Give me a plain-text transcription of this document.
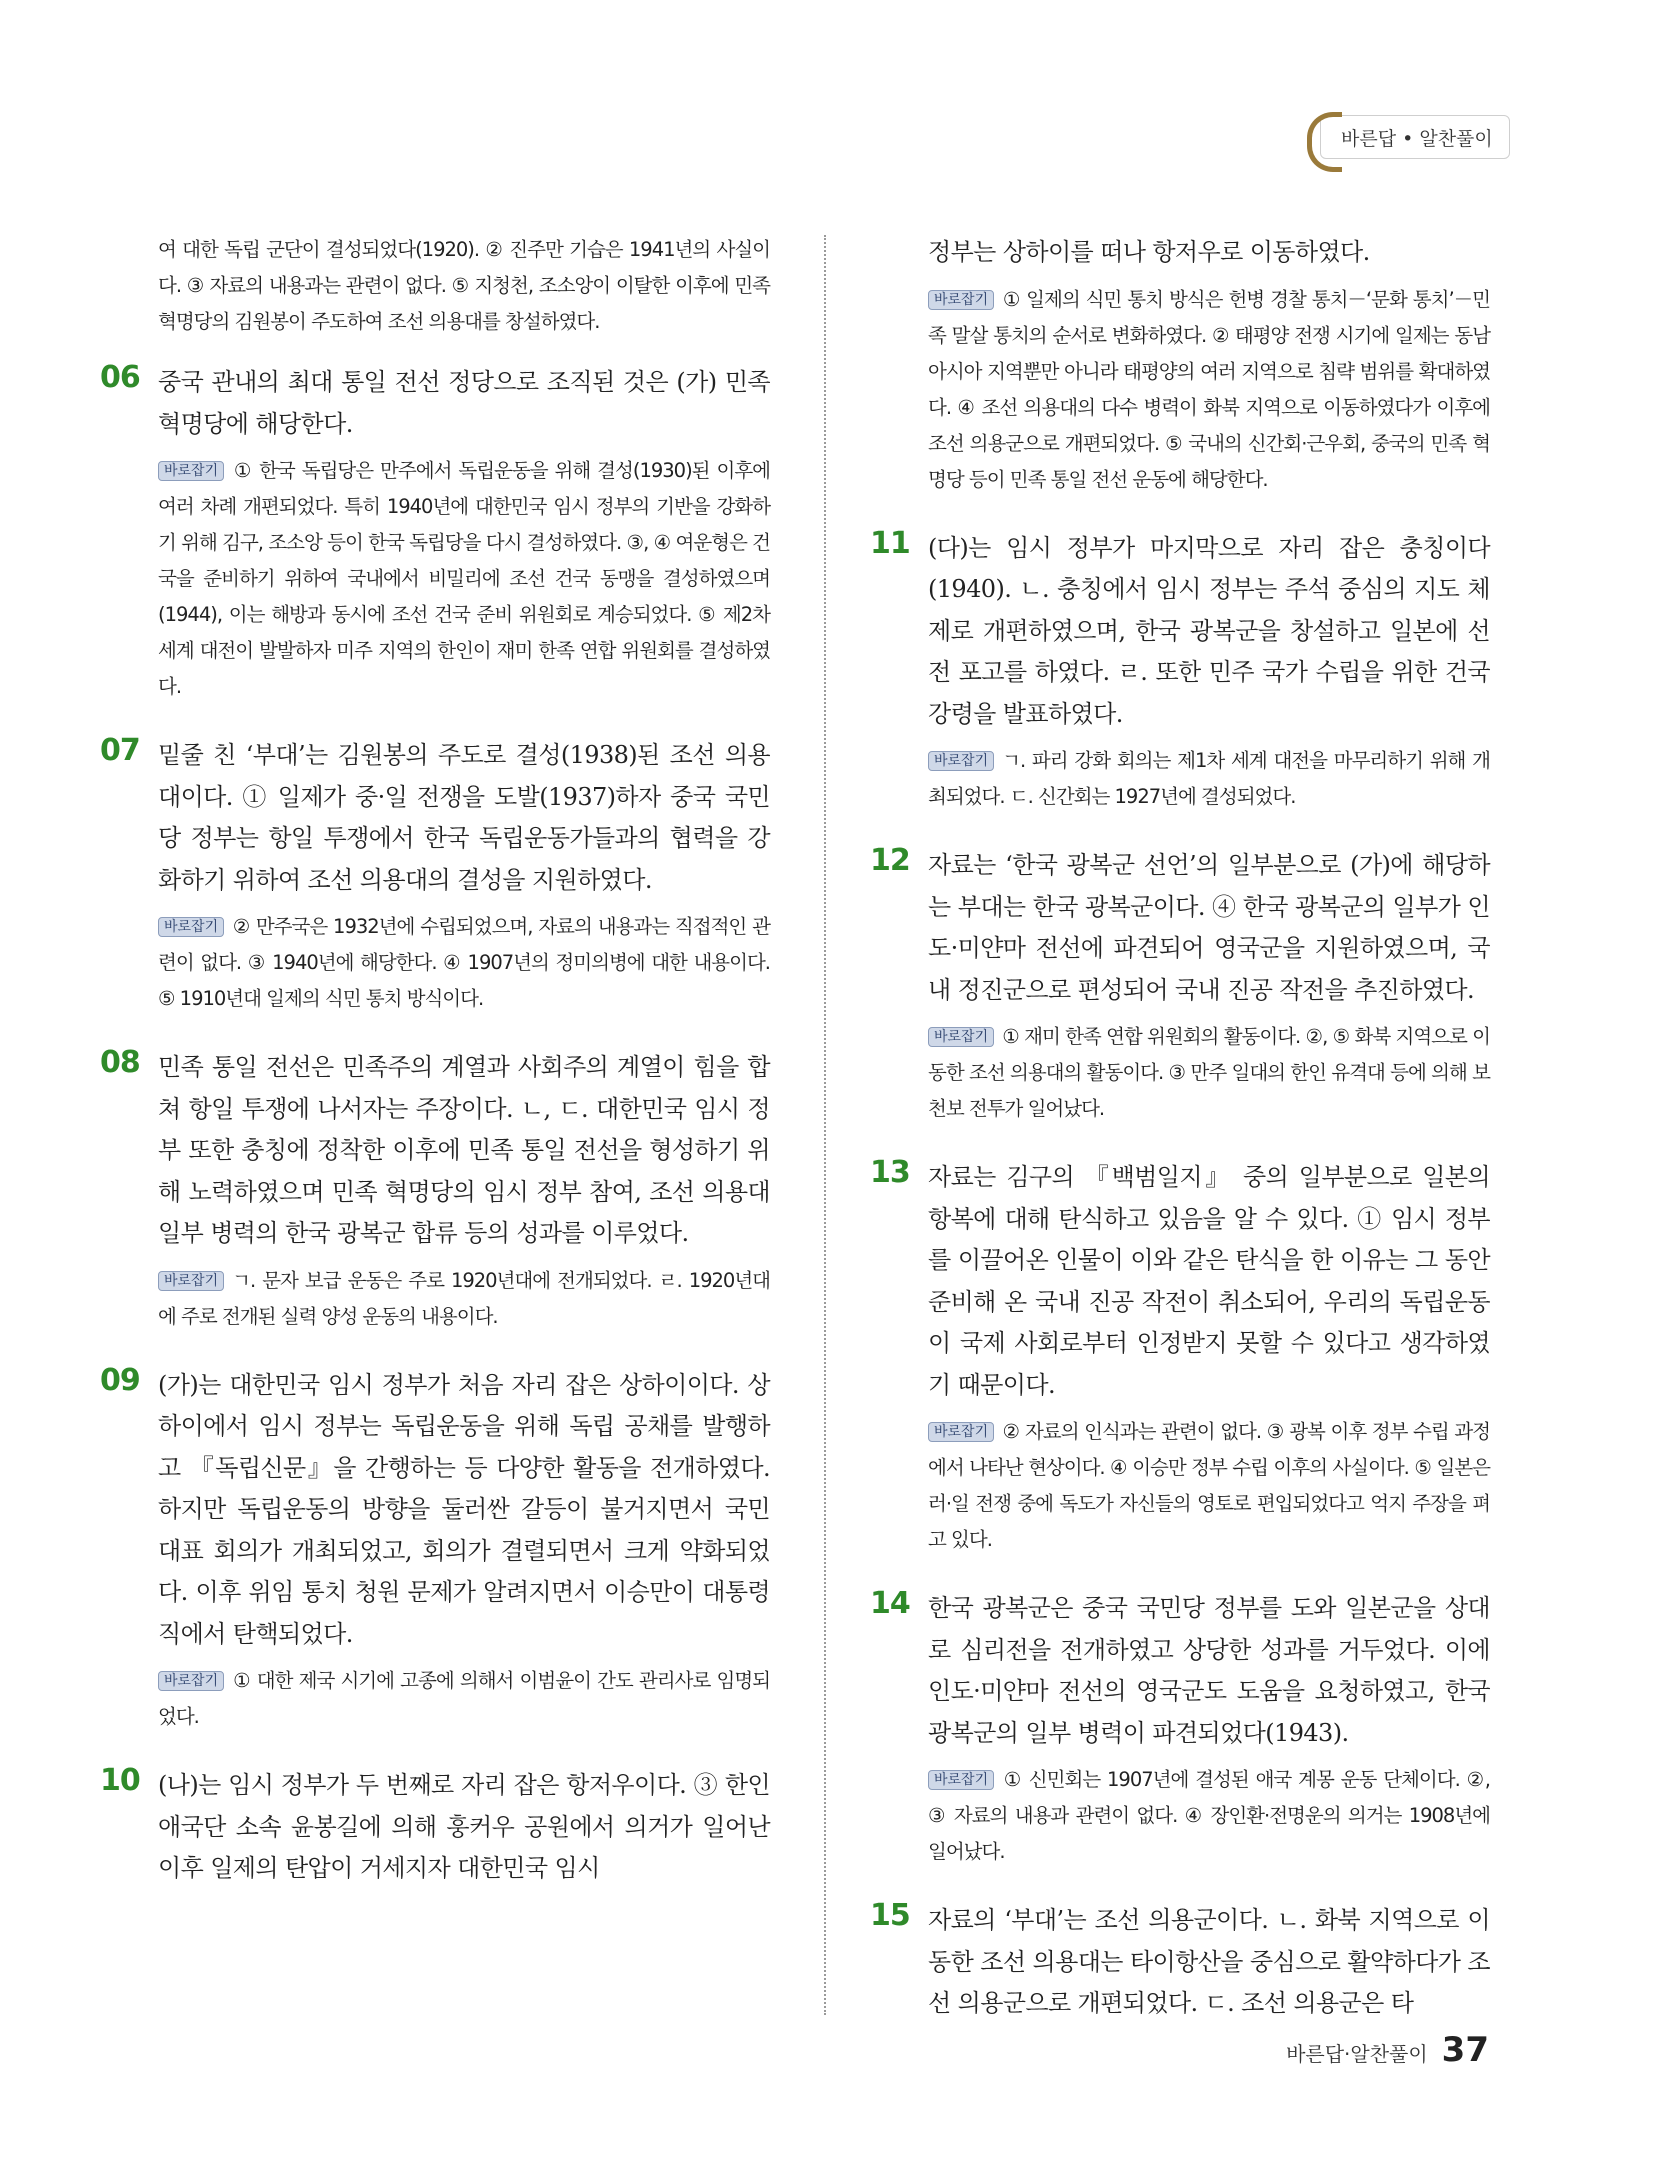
바른답 • 알찬풀이
여 대한 독립 군단이 결성되었다(1920). ② 진주만 기습은 1941년의 사실이다. ③ 자료의 내용과는 관련이 없다. ⑤ 지청천, 조소앙이 이탈한 이후에 민족 혁명당의 김원봉이 주도하여 조선 의용대를 창설하였다.
06 중국 관내의 최대 통일 전선 정당으로 조직된 것은 (가) 민족 혁명당에 해당한다.
바로잡기 ① 한국 독립당은 만주에서 독립운동을 위해 결성(1930)된 이후에 여러 차례 개편되었다. 특히 1940년에 대한민국 임시 정부의 기반을 강화하기 위해 김구, 조소앙 등이 한국 독립당을 다시 결성하였다. ③, ④ 여운형은 건국을 준비하기 위하여 국내에서 비밀리에 조선 건국 동맹을 결성하였으며(1944), 이는 해방과 동시에 조선 건국 준비 위원회로 계승되었다. ⑤ 제2차 세계 대전이 발발하자 미주 지역의 한인이 재미 한족 연합 위원회를 결성하였다.
07 밑줄 친 ‘부대’는 김원봉의 주도로 결성(1938)된 조선 의용대이다. ① 일제가 중·일 전쟁을 도발(1937)하자 중국 국민당 정부는 항일 투쟁에서 한국 독립운동가들과의 협력을 강화하기 위하여 조선 의용대의 결성을 지원하였다.
바로잡기 ② 만주국은 1932년에 수립되었으며, 자료의 내용과는 직접적인 관련이 없다. ③ 1940년에 해당한다. ④ 1907년의 정미의병에 대한 내용이다. ⑤ 1910년대 일제의 식민 통치 방식이다.
08 민족 통일 전선은 민족주의 계열과 사회주의 계열이 힘을 합쳐 항일 투쟁에 나서자는 주장이다. ㄴ, ㄷ. 대한민국 임시 정부 또한 충칭에 정착한 이후에 민족 통일 전선을 형성하기 위해 노력하였으며 민족 혁명당의 임시 정부 참여, 조선 의용대 일부 병력의 한국 광복군 합류 등의 성과를 이루었다.
바로잡기 ㄱ. 문자 보급 운동은 주로 1920년대에 전개되었다. ㄹ. 1920년대에 주로 전개된 실력 양성 운동의 내용이다.
09 (가)는 대한민국 임시 정부가 처음 자리 잡은 상하이이다. 상하이에서 임시 정부는 독립운동을 위해 독립 공채를 발행하고 『독립신문』을 간행하는 등 다양한 활동을 전개하였다. 하지만 독립운동의 방향을 둘러싼 갈등이 불거지면서 국민 대표 회의가 개최되었고, 회의가 결렬되면서 크게 약화되었다. 이후 위임 통치 청원 문제가 알려지면서 이승만이 대통령직에서 탄핵되었다.
바로잡기 ① 대한 제국 시기에 고종에 의해서 이범윤이 간도 관리사로 임명되었다.
10 (나)는 임시 정부가 두 번째로 자리 잡은 항저우이다. ③ 한인 애국단 소속 윤봉길에 의해 훙커우 공원에서 의거가 일어난 이후 일제의 탄압이 거세지자 대한민국 임시
정부는 상하이를 떠나 항저우로 이동하였다.
바로잡기 ① 일제의 식민 통치 방식은 헌병 경찰 통치－‘문화 통치’－민족 말살 통치의 순서로 변화하였다. ② 태평양 전쟁 시기에 일제는 동남아시아 지역뿐만 아니라 태평양의 여러 지역으로 침략 범위를 확대하였다. ④ 조선 의용대의 다수 병력이 화북 지역으로 이동하였다가 이후에 조선 의용군으로 개편되었다. ⑤ 국내의 신간회·근우회, 중국의 민족 혁명당 등이 민족 통일 전선 운동에 해당한다.
11 (다)는 임시 정부가 마지막으로 자리 잡은 충칭이다(1940). ㄴ. 충칭에서 임시 정부는 주석 중심의 지도 체제로 개편하였으며, 한국 광복군을 창설하고 일본에 선전 포고를 하였다. ㄹ. 또한 민주 국가 수립을 위한 건국 강령을 발표하였다.
바로잡기 ㄱ. 파리 강화 회의는 제1차 세계 대전을 마무리하기 위해 개최되었다. ㄷ. 신간회는 1927년에 결성되었다.
12 자료는 ‘한국 광복군 선언’의 일부분으로 (가)에 해당하는 부대는 한국 광복군이다. ④ 한국 광복군의 일부가 인도·미얀마 전선에 파견되어 영국군을 지원하였으며, 국내 정진군으로 편성되어 국내 진공 작전을 추진하였다.
바로잡기 ① 재미 한족 연합 위원회의 활동이다. ②, ⑤ 화북 지역으로 이동한 조선 의용대의 활동이다. ③ 만주 일대의 한인 유격대 등에 의해 보천보 전투가 일어났다.
13 자료는 김구의 『백범일지』 중의 일부분으로 일본의 항복에 대해 탄식하고 있음을 알 수 있다. ① 임시 정부를 이끌어온 인물이 이와 같은 탄식을 한 이유는 그 동안 준비해 온 국내 진공 작전이 취소되어, 우리의 독립운동이 국제 사회로부터 인정받지 못할 수 있다고 생각하였기 때문이다.
바로잡기 ② 자료의 인식과는 관련이 없다. ③ 광복 이후 정부 수립 과정에서 나타난 현상이다. ④ 이승만 정부 수립 이후의 사실이다. ⑤ 일본은 러·일 전쟁 중에 독도가 자신들의 영토로 편입되었다고 억지 주장을 펴고 있다.
14 한국 광복군은 중국 국민당 정부를 도와 일본군을 상대로 심리전을 전개하였고 상당한 성과를 거두었다. 이에 인도·미얀마 전선의 영국군도 도움을 요청하였고, 한국 광복군의 일부 병력이 파견되었다(1943).
바로잡기 ① 신민회는 1907년에 결성된 애국 계몽 운동 단체이다. ②, ③ 자료의 내용과 관련이 없다. ④ 장인환·전명운의 의거는 1908년에 일어났다.
15 자료의 ‘부대’는 조선 의용군이다. ㄴ. 화북 지역으로 이동한 조선 의용대는 타이항산을 중심으로 활약하다가 조선 의용군으로 개편되었다. ㄷ. 조선 의용군은 타
바른답·알찬풀이 37
